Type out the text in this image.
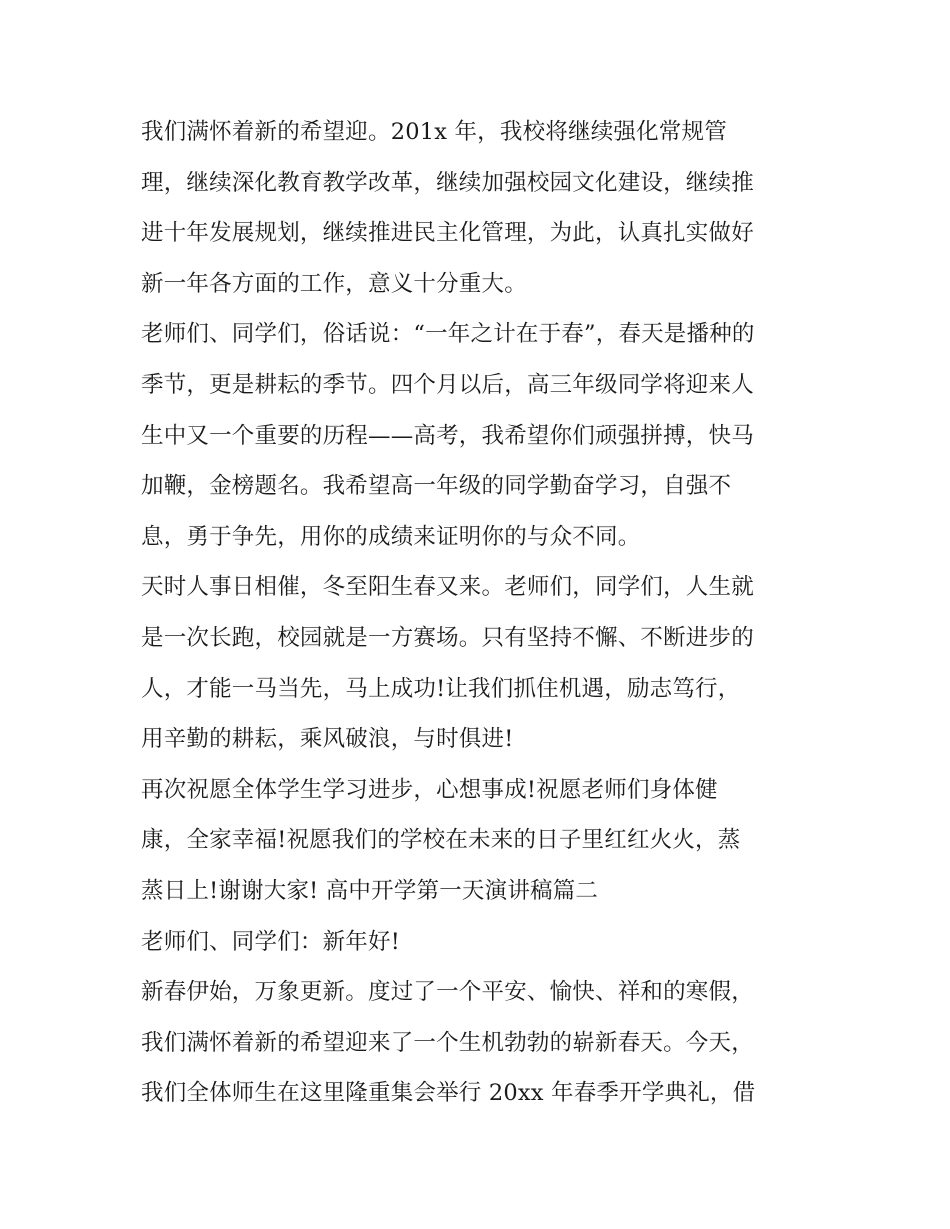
我们满怀着新的希望迎。201x 年，我校将继续强化常规管
理，继续深化教育教学改革，继续加强校园文化建设，继续推
进十年发展规划，继续推进民主化管理，为此，认真扎实做好
新一年各方面的工作，意义十分重大。
老师们、同学们，俗话说：“一年之计在于春”，春天是播种的
季节，更是耕耘的季节。四个月以后，高三年级同学将迎来人
生中又一个重要的历程——高考，我希望你们顽强拼搏，快马
加鞭，金榜题名。我希望高一年级的同学勤奋学习，自强不
息，勇于争先，用你的成绩来证明你的与众不同。
天时人事日相催，冬至阳生春又来。老师们，同学们，人生就
是一次长跑，校园就是一方赛场。只有坚持不懈、不断进步的
人，才能一马当先，马上成功!让我们抓住机遇，励志笃行，
用辛勤的耕耘，乘风破浪，与时俱进!
再次祝愿全体学生学习进步，心想事成!祝愿老师们身体健
康，全家幸福!祝愿我们的学校在未来的日子里红红火火，蒸
蒸日上!谢谢大家! 高中开学第一天演讲稿篇二
老师们、同学们：新年好!
新春伊始，万象更新。度过了一个平安、愉快、祥和的寒假，
我们满怀着新的希望迎来了一个生机勃勃的崭新春天。今天，
我们全体师生在这里隆重集会举行 20xx 年春季开学典礼，借
